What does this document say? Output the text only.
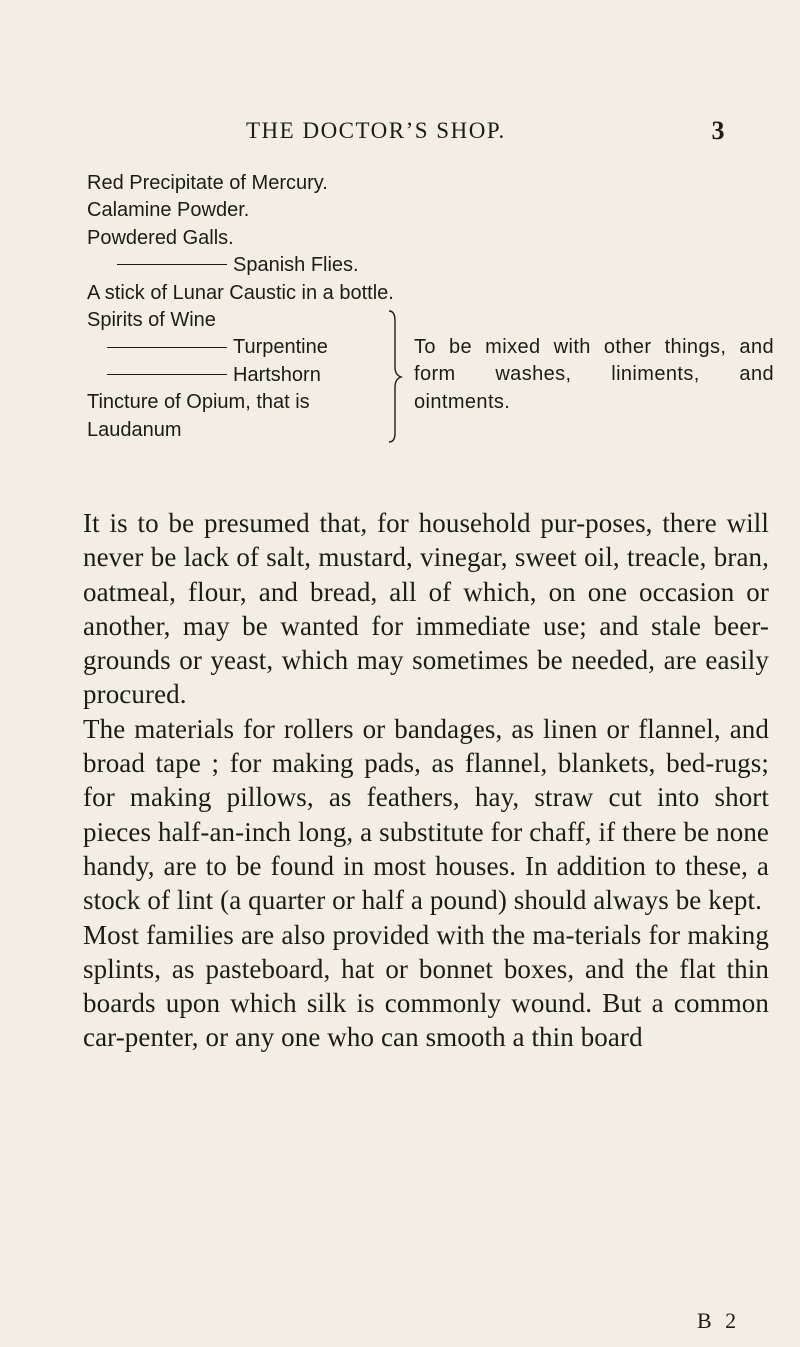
THE DOCTOR’S SHOP.	3
Red Precipitate of Mercury.
Calamine Powder.
Powdered Galls.
Spanish Flies.
A stick of Lunar Caustic in a bottle.
Spirits of Wine
Turpentine
Hartshorn
Tincture of Opium, that is
Laudanum
To be mixed with other things, and form washes, liniments, and ointments.

It is to be presumed that, for household pur-poses, there will never be lack of salt, mustard, vinegar, sweet oil, treacle, bran, oatmeal, flour, and bread, all of which, on one occasion or another, may be wanted for immediate use; and stale beer-grounds or yeast, which may sometimes be needed, are easily procured.

The materials for rollers or bandages, as linen or flannel, and broad tape ; for making pads, as flannel, blankets, bed-rugs; for making pillows, as feathers, hay, straw cut into short pieces half-an-inch long, a substitute for chaff, if there be none handy, are to be found in most houses. In addition to these, a stock of lint (a quarter or half a pound) should always be kept.

Most families are also provided with the ma-terials for making splints, as pasteboard, hat or bonnet boxes, and the flat thin boards upon which silk is commonly wound. But a common car-penter, or any one who can smooth a thin board

B 2
